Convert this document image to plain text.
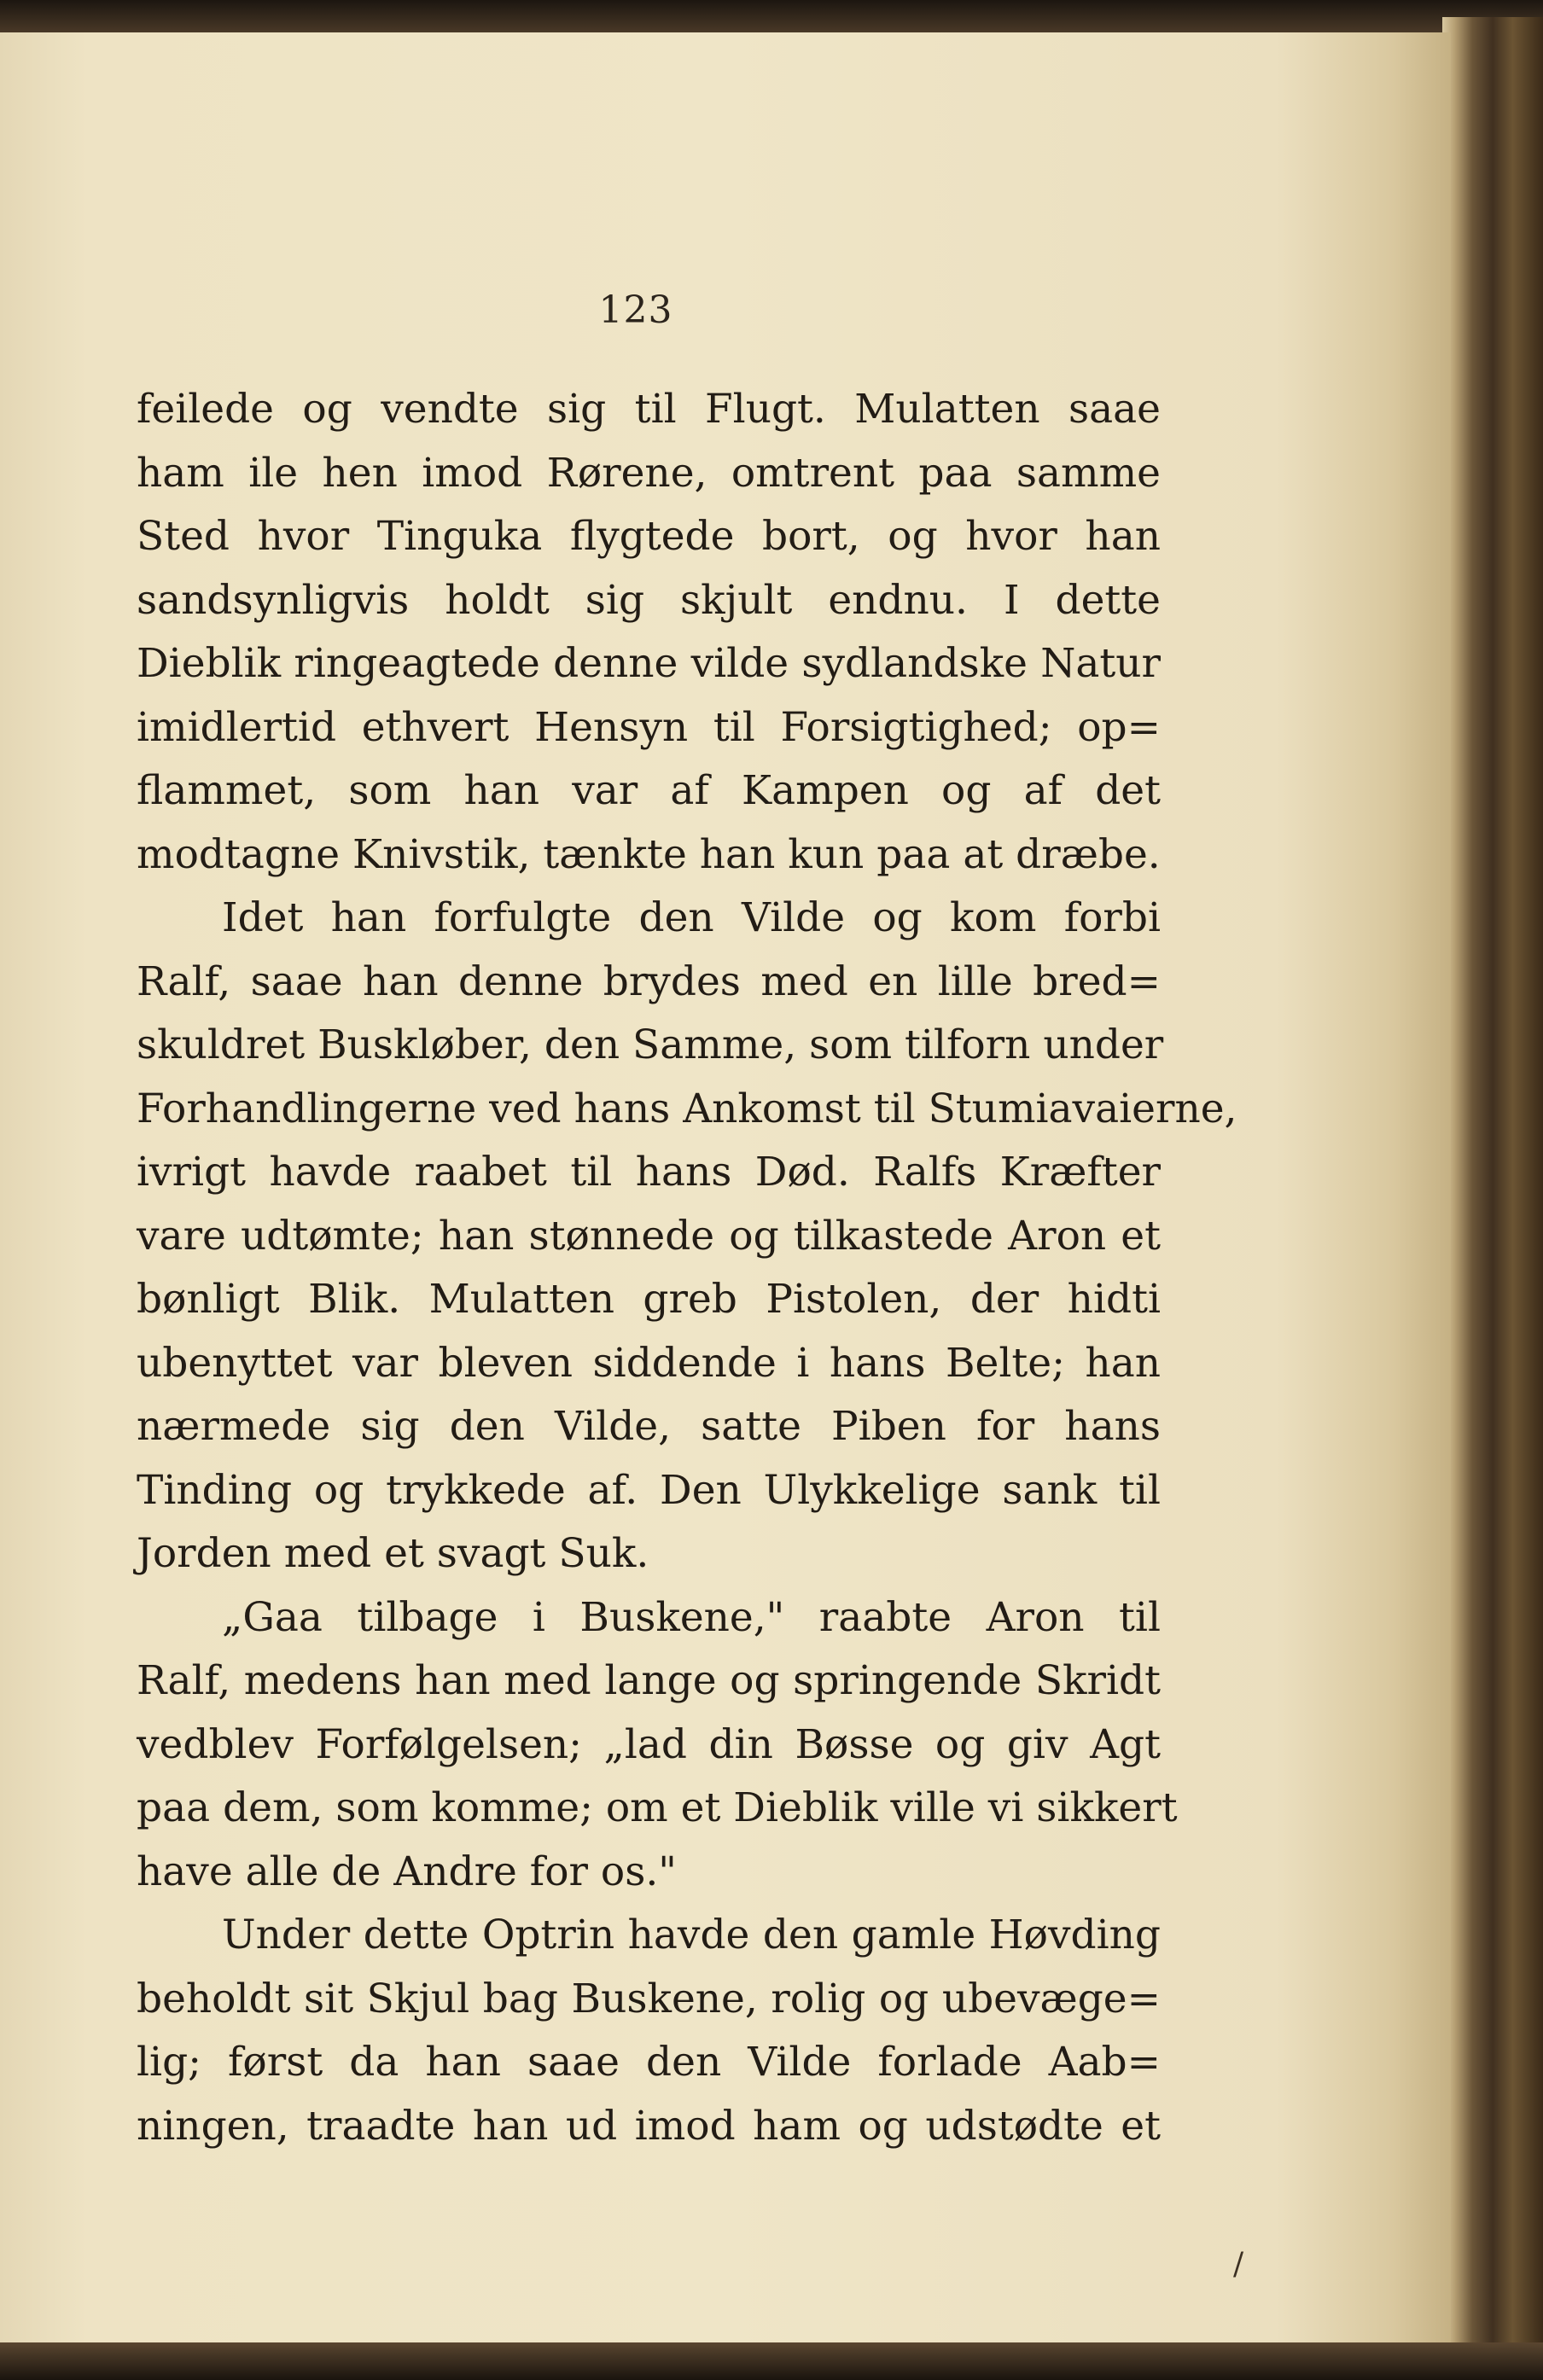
123
feilede og vendte sig til Flugt. Mulatten saae
ham ile hen imod Rørene, omtrent paa samme
Sted hvor Tinguka flygtede bort, og hvor han
sandsynligvis holdt sig skjult endnu. I dette
Dieblik ringeagtede denne vilde sydlandske Natur
imidlertid ethvert Hensyn til Forsigtighed; op=
flammet, som han var af Kampen og af det
modtagne Knivstik, tænkte han kun paa at dræbe.
Idet han forfulgte den Vilde og kom forbi
Ralf, saae han denne brydes med en lille bred=
skuldret Buskløber, den Samme, som tilforn under
Forhandlingerne ved hans Ankomst til Stumiavaierne,
ivrigt havde raabet til hans Død. Ralfs Kræfter
vare udtømte; han stønnede og tilkastede Aron et
bønligt Blik. Mulatten greb Pistolen, der hidti
ubenyttet var bleven siddende i hans Belte; han
nærmede sig den Vilde, satte Piben for hans
Tinding og trykkede af. Den Ulykkelige sank til
Jorden med et svagt Suk.
„Gaa tilbage i Buskene," raabte Aron til
Ralf, medens han med lange og springende Skridt
vedblev Forfølgelsen; „lad din Bøsse og giv Agt
paa dem, som komme; om et Dieblik ville vi sikkert
have alle de Andre for os."
Under dette Optrin havde den gamle Høvding
beholdt sit Skjul bag Buskene, rolig og ubevæge=
lig; først da han saae den Vilde forlade Aab=
ningen, traadte han ud imod ham og udstødte et
/
